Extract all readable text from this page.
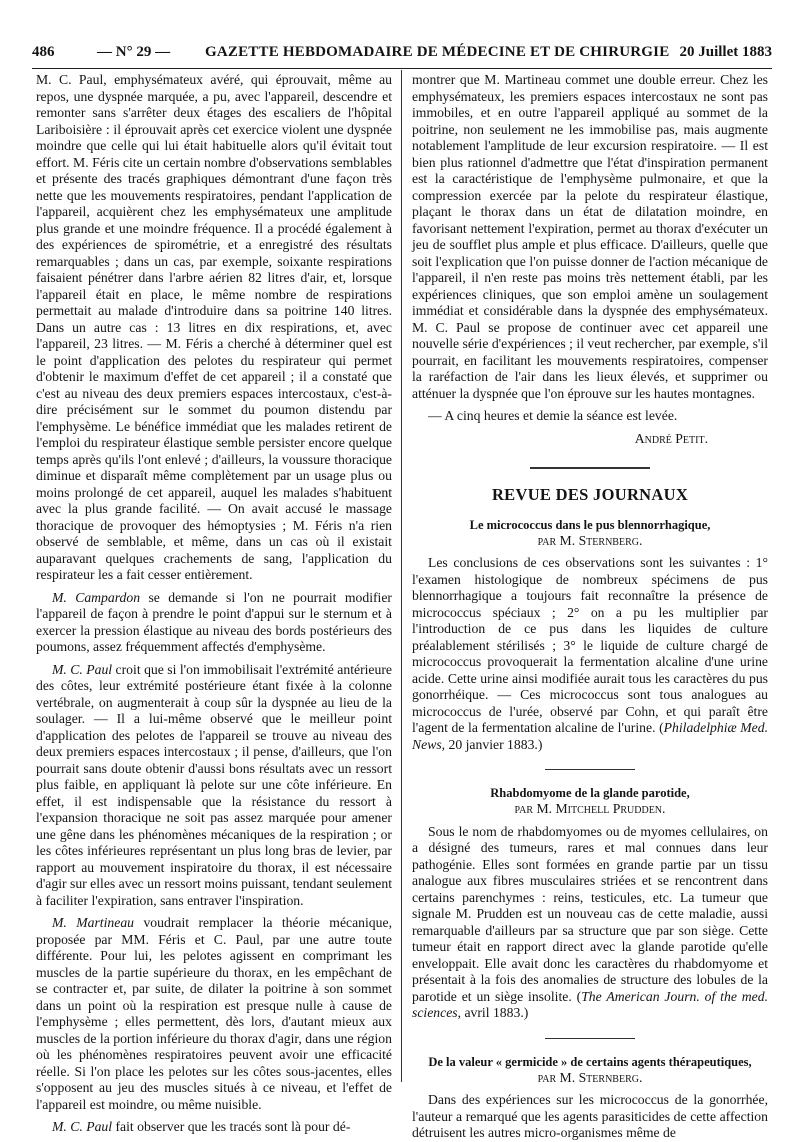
486	— N° 29 — GAZETTE HEBDOMADAIRE DE MÉDECINE ET DE CHIRURGIE 20 Juillet 1883

M. C. Paul, emphysémateux avéré, qui éprouvait, même au repos, une dyspnée marquée, a pu, avec l'appareil, descendre et remonter sans s'arrêter deux étages des escaliers de l'hôpital Lariboisière : il éprouvait après cet exercice violent une dyspnée moindre que celle qui lui était habituelle alors qu'il évitait tout effort. M. Féris cite un certain nombre d'observations semblables et présente des tracés graphiques démontrant d'une façon très nette que les mouvements respiratoires, pendant l'application de l'appareil, acquièrent chez les emphysémateux une amplitude plus grande et une moindre fréquence. Il a procédé également à des expériences de spirométrie, et a enregistré des résultats remarquables ; dans un cas, par exemple, soixante respirations faisaient pénétrer dans l'arbre aérien 82 litres d'air, et, lorsque l'appareil était en place, le même nombre de respirations permettait au malade d'introduire dans sa poitrine 140 litres. Dans un autre cas : 13 litres en dix respirations, et, avec l'appareil, 23 litres. — M. Féris a cherché à déterminer quel est le point d'application des pelotes du respirateur qui permet d'obtenir le maximum d'effet de cet appareil ; il a constaté que c'est au niveau des deux premiers espaces intercostaux, c'est-à-dire précisément sur le sommet du poumon distendu par l'emphysème. Le bénéfice immédiat que les malades retirent de l'emploi du respirateur élastique semble persister encore quelque temps après qu'ils l'ont enlevé ; d'ailleurs, la voussure thoracique diminue et disparaît même complètement par un usage plus ou moins prolongé de cet appareil, auquel les malades s'habituent avec la plus grande facilité. — On avait accusé le massage thoracique de provoquer des hémoptysies ; M. Féris n'a rien observé de semblable, et même, dans un cas où il existait auparavant quelques crachements de sang, l'application du respirateur les a fait cesser entièrement.

M. Campardon se demande si l'on ne pourrait modifier l'appareil de façon à prendre le point d'appui sur le sternum et à exercer la pression élastique au niveau des bords postérieurs des poumons, assez fréquemment affectés d'emphysème.

M. C. Paul croit que si l'on immobilisait l'extrémité antérieure des côtes, leur extrémité postérieure étant fixée à la colonne vertébrale, on augmenterait à coup sûr la dyspnée au lieu de la soulager. — Il a lui-même observé que le meilleur point d'application des pelotes de l'appareil se trouve au niveau des deux premiers espaces intercostaux ; il pense, d'ailleurs, que l'on pourrait sans doute obtenir d'aussi bons résultats avec un ressort plus faible, en appliquant là pelote sur une côte inférieure. En effet, il est indispensable que la résistance du ressort à l'expansion thoracique ne soit pas assez marquée pour amener une gêne dans les phénomènes mécaniques de la respiration ; or les côtes inférieures représentant un plus long bras de levier, par rapport au mouvement inspiratoire du thorax, il est nécessaire d'agir sur elles avec un ressort moins puissant, tendant seulement à faciliter l'expiration, sans entraver l'inspiration.

M. Martineau voudrait remplacer la théorie mécanique, proposée par MM. Féris et C. Paul, par une autre toute différente. Pour lui, les pelotes agissent en comprimant les muscles de la partie supérieure du thorax, en les empêchant de se contracter et, par suite, de dilater la poitrine à son sommet dans un point où la respiration est presque nulle à cause de l'emphysème ; elles permettent, dès lors, d'autant mieux aux muscles de la portion inférieure du thorax d'agir, dans une région où les phénomènes respiratoires peuvent avoir une efficacité réelle. Si l'on place les pelotes sur les côtes sous-jacentes, elles s'opposent au jeu des muscles situés à ce niveau, et l'effet de l'appareil est moindre, ou même nuisible.

M. C. Paul fait observer que les tracés sont là pour dé-

montrer que M. Martineau commet une double erreur. Chez les emphysémateux, les premiers espaces intercostaux ne sont pas immobiles, et en outre l'appareil appliqué au sommet de la poitrine, non seulement ne les immobilise pas, mais augmente notablement l'amplitude de leur excursion respiratoire. — Il est bien plus rationnel d'admettre que l'état d'inspiration permanent est la caractéristique de l'emphysème pulmonaire, et que la compression exercée par la pelote du respirateur élastique, plaçant le thorax dans un état de dilatation moindre, en favorisant nettement l'expiration, permet au thorax d'exécuter un jeu de soufflet plus ample et plus efficace. D'ailleurs, quelle que soit l'explication que l'on puisse donner de l'action mécanique de l'appareil, il n'en reste pas moins très nettement établi, par les expériences cliniques, que son emploi amène un soulagement immédiat et considérable dans la dyspnée des emphysémateux. M. C. Paul se propose de continuer avec cet appareil une nouvelle série d'expériences ; il veut rechercher, par exemple, s'il pourrait, en facilitant les mouvements respiratoires, compenser la raréfaction de l'air dans les lieux élevés, et supprimer ou atténuer la dyspnée que l'on éprouve sur les hautes montagnes.

— A cinq heures et demie la séance est levée.

André Petit.

REVUE DES JOURNAUX

Le micrococcus dans le pus blennorrhagique,

par M. Sternberg.

Les conclusions de ces observations sont les suivantes : 1° l'examen histologique de nombreux spécimens de pus blennorrhagique a toujours fait reconnaître la présence de micrococcus spéciaux ; 2° on a pu les multiplier par l'introduction de ce pus dans les liquides de culture préalablement stérilisés ; 3° le liquide de culture chargé de micrococcus provoquerait la fermentation alcaline d'une urine acide. Cette urine ainsi modifiée aurait tous les caractères du pus gonorrhéique. — Ces micrococcus sont tous analogues au micrococcus de l'urée, observé par Cohn, et qui paraît être l'agent de la fermentation alcaline de l'urine. (Philadelphiæ Med. News, 20 janvier 1883.)

Rhabdomyome de la glande parotide,

par M. Mitchell Prudden.

Sous le nom de rhabdomyomes ou de myomes cellulaires, on a désigné des tumeurs, rares et mal connues dans leur pathogénie. Elles sont formées en grande partie par un tissu analogue aux fibres musculaires striées et se rencontrent dans certains parenchymes : reins, testicules, etc. La tumeur que signale M. Prudden est un nouveau cas de cette maladie, aussi remarquable d'ailleurs par sa structure que par son siège. Cette tumeur était en rapport direct avec la glande parotide qu'elle enveloppait. Elle avait donc les caractères du rhabdomyome et présentait à la fois des anomalies de structure des lobules de la parotide et un siège insolite. (The American Journ. of the med. sciences, avril 1883.)

De la valeur « germicide » de certains agents thérapeutiques,

par M. Sternberg.

Dans des expériences sur les micrococcus de la gonorrhée, l'auteur a remarqué que les agents parasiticides de cette affection détruisent les autres micro-organismes même de
